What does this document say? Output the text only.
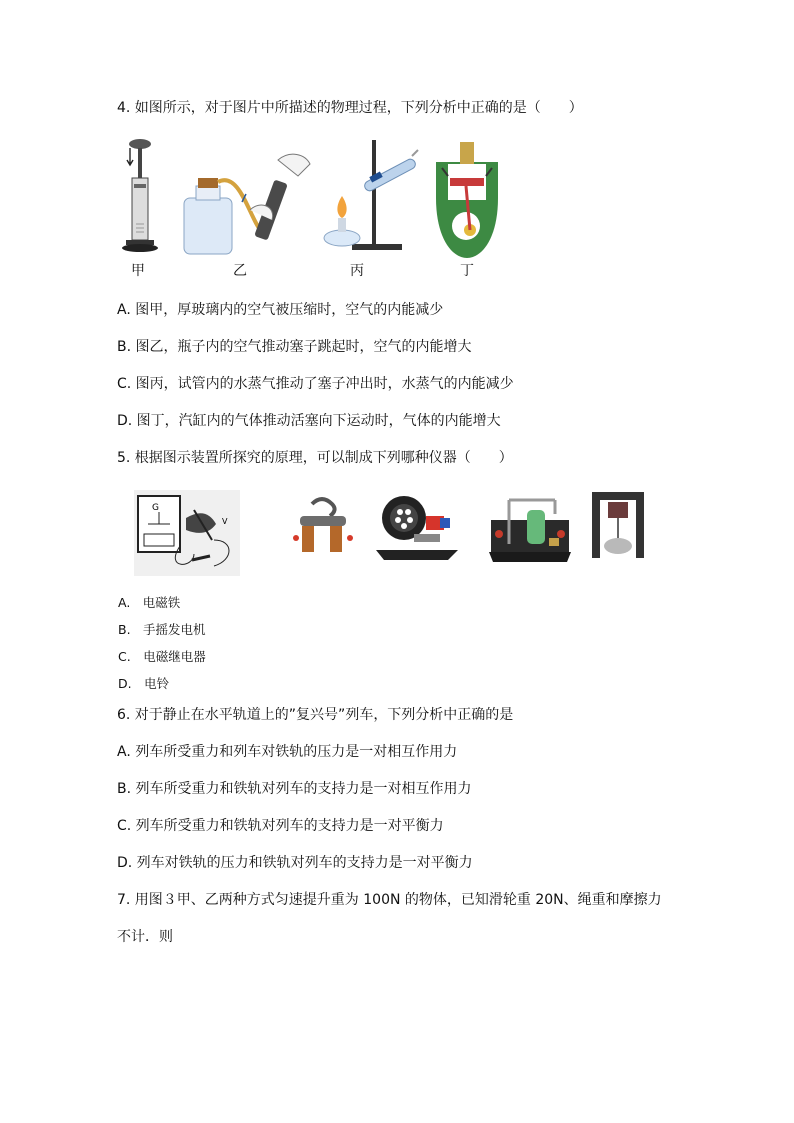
4. 如图所示，对于图片中所描述的物理过程，下列分析中正确的是（　　）
甲	乙	丙	丁
A. 图甲，厚玻璃内的空气被压缩时，空气的内能减少
B. 图乙，瓶子内的空气推动塞子跳起时，空气的内能增大
C. 图丙，试管内的水蒸气推动了塞子冲出时，水蒸气的内能减少
D. 图丁，汽缸内的气体推动活塞向下运动时，气体的内能增大
5. 根据图示装置所探究的原理，可以制成下列哪种仪器（　　）
G
V
A.　电磁铁
B.　手摇发电机
C.　电磁继电器
D.　电铃
6. 对于静止在水平轨道上的”复兴号”列车，下列分析中正确的是
A. 列车所受重力和列车对铁轨的压力是一对相互作用力
B. 列车所受重力和铁轨对列车的支持力是一对相互作用力
C. 列车所受重力和铁轨对列车的支持力是一对平衡力
D. 列车对铁轨的压力和铁轨对列车的支持力是一对平衡力
7. 用图３甲、乙两种方式匀速提升重为 100N 的物体，已知滑轮重 20N、绳重和摩擦力
不计．则
